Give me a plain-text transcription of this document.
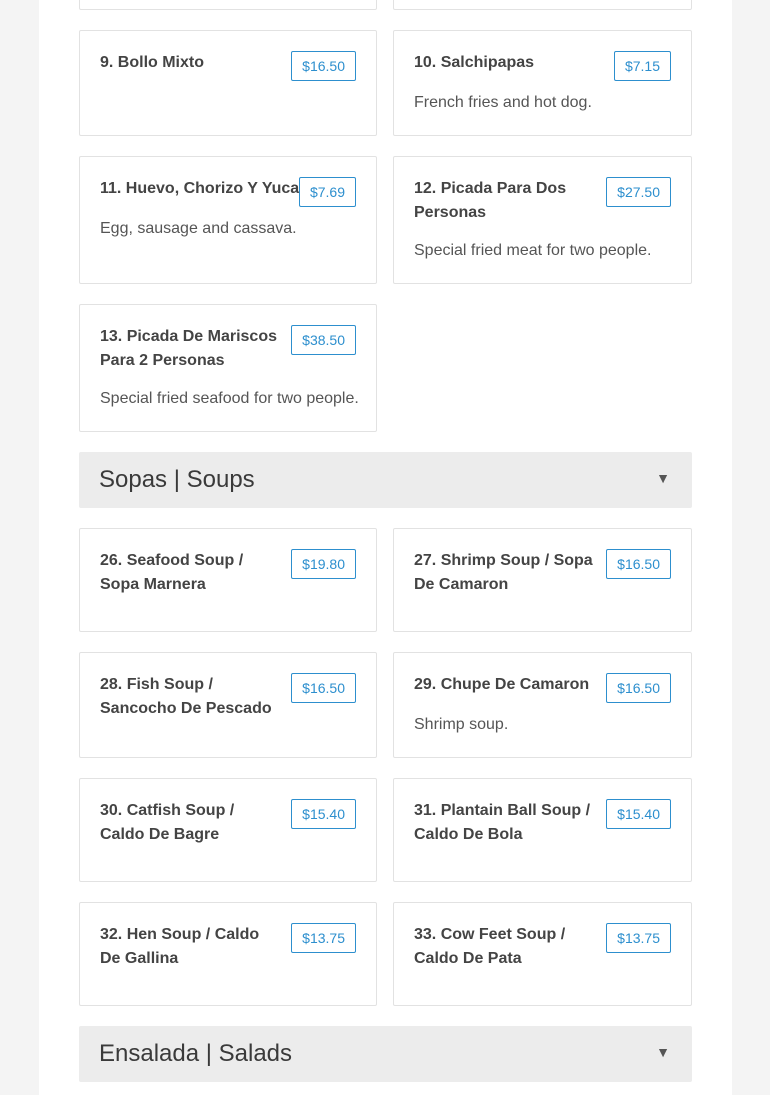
9. Bollo Mixto	$16.50	10. Salchipapas	$7.15
French fries and hot dog.
11. Huevo, Chorizo Y Yuca $7.69
Egg, sausage and cassava.
12. Picada Para Dos Personas
$27.50
Special fried meat for two people.
13. Picada De Mariscos Para 2 Personas
$38.50
Special fried seafood for two people.
Sopas | Soups	▼
26. Seafood Soup / Sopa Marnera
$19.80	27. Shrimp Soup / Sopa De Camaron
$16.50
28. Fish Soup / Sancocho De Pescado
$16.50	29. Chupe De Camaron	$16.50
Shrimp soup.
30. Catfish Soup / Caldo De Bagre
$15.40	31. Plantain Ball Soup / Caldo De Bola
$15.40
32. Hen Soup / Caldo De Gallina
$13.75	33. Cow Feet Soup / Caldo De Pata
$13.75
Ensalada | Salads	▼
